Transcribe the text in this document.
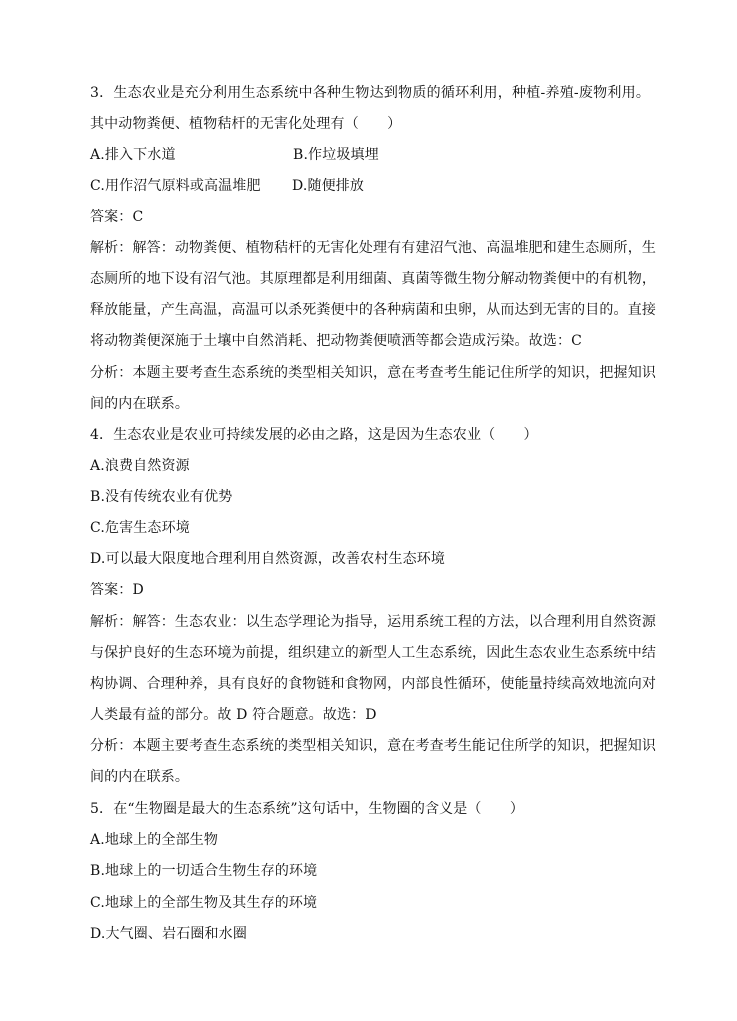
3．生态农业是充分利用生态系统中各种生物达到物质的循环利用，种植-养殖-废物利用。

其中动物粪便、植物秸杆的无害化处理有（　　）

A.排入下水道	B.作垃圾填埋

C.用作沼气原料或高温堆肥 D.随便排放

答案：C

解析：解答：动物粪便、植物秸杆的无害化处理有有建沼气池、高温堆肥和建生态厕所，生

态厕所的地下设有沼气池。其原理都是利用细菌、真菌等微生物分解动物粪便中的有机物，

释放能量，产生高温，高温可以杀死粪便中的各种病菌和虫卵，从而达到无害的目的。直接

将动物粪便深施于土壤中自然消耗、把动物粪便喷洒等都会造成污染。故选：C

分析：本题主要考查生态系统的类型相关知识，意在考查考生能记住所学的知识，把握知识

间的内在联系。

4．生态农业是农业可持续发展的必由之路，这是因为生态农业（　　）

A.浪费自然资源

B.没有传统农业有优势

C.危害生态环境

D.可以最大限度地合理利用自然资源，改善农村生态环境

答案：D

解析：解答：生态农业：以生态学理论为指导，运用系统工程的方法，以合理利用自然资源

与保护良好的生态环境为前提，组织建立的新型人工生态系统，因此生态农业生态系统中结

构协调、合理种养，具有良好的食物链和食物网，内部良性循环，使能量持续高效地流向对

人类最有益的部分。故 D 符合题意。故选：D

分析：本题主要考查生态系统的类型相关知识，意在考查考生能记住所学的知识，把握知识

间的内在联系。

5．在“生物圈是最大的生态系统”这句话中，生物圈的含义是（　　）

A.地球上的全部生物

B.地球上的一切适合生物生存的环境

C.地球上的全部生物及其生存的环境

D.大气圈、岩石圈和水圈
